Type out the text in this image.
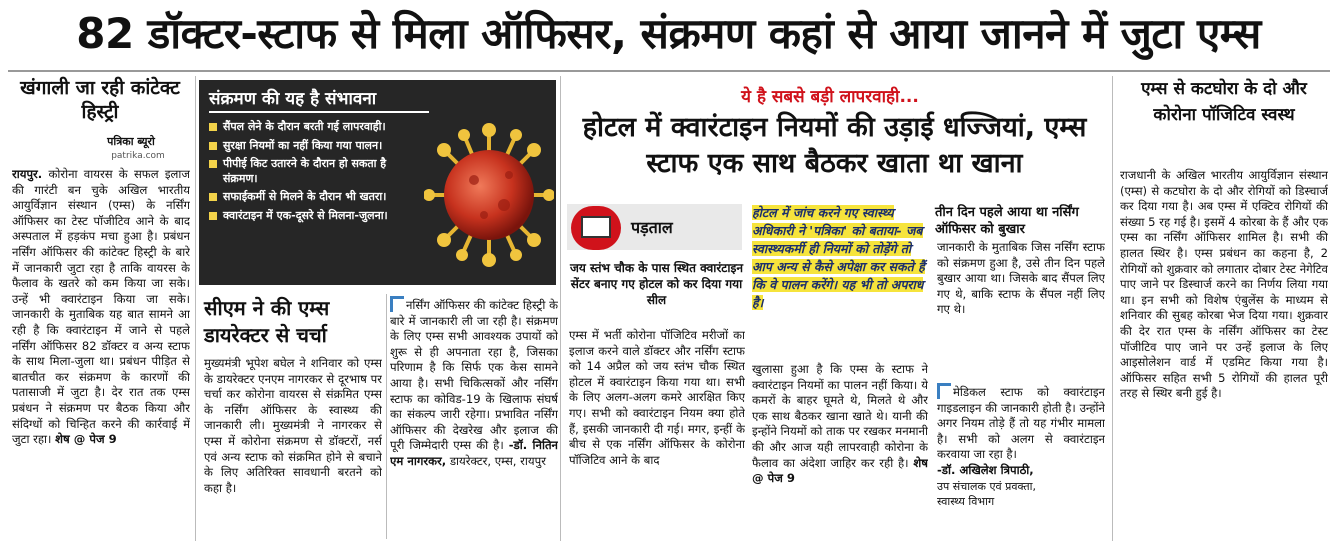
82 डॉक्टर-स्टाफ से मिला ऑफिसर, संक्रमण कहां से आया जानने में जुटा एम्स
खंगाली जा रही कांटेक्ट हिस्ट्री
पत्रिका ब्यूरो
patrika.com
रायपुर. कोरोना वायरस के सफल इलाज की गारंटी बन चुके अखिल भारतीय आयुर्विज्ञान संस्थान (एम्स) के नर्सिंग ऑफिसर का टेस्ट पॉजीटिव आने के बाद अस्पताल में हड़कंप मचा हुआ है। प्रबंधन नर्सिंग ऑफिसर की कांटेक्ट हिस्ट्री के बारे में जानकारी जुटा रहा है ताकि वायरस के फैलाव के खतरे को कम किया जा सके। उन्हें भी क्वारंटाइन किया जा सके। जानकारी के मुताबिक यह बात सामने आ रही है कि क्वारंटाइन में जाने से पहले नर्सिंग ऑफिसर 82 डॉक्टर व अन्य स्टाफ के साथ मिला-जुला था। प्रबंधन पीड़ित से बातचीत कर संक्रमण के कारणों की पतासाजी में जुटा है। देर रात तक एम्स प्रबंधन ने संक्रमण पर बैठक किया और संदिग्धों को चिन्हित करने की कार्रवाई में जुटा रहा। शेष @ पेज 9
संक्रमण की यह है संभावना
सैंपल लेने के दौरान बरती गई लापरवाही।
सुरक्षा नियमों का नहीं किया गया पालन।
पीपीई किट उतारने के दौरान हो सकता है संक्रमण।
सफाईकर्मी से मिलने के दौरान भी खतरा।
क्वारंटाइन में एक-दूसरे से मिलना-जुलना।
सीएम ने की एम्स डायरेक्टर से चर्चा
मुख्यमंत्री भूपेश बघेल ने शनिवार को एम्स के डायरेक्टर एनएम नागरकर से दूरभाष पर चर्चा कर कोरोना वायरस से संक्रमित एम्स के नर्सिंग ऑफिसर के स्वास्थ्य की जानकारी ली। मुख्यमंत्री ने नागरकर से एम्स में कोरोना संक्रमण से डॉक्टरों, नर्स एवं अन्य स्टाफ को संक्रमित होने से बचाने के लिए अतिरिक्त सावधानी बरतने को कहा है।
नर्सिंग ऑफिसर की कांटेक्ट हिस्ट्री के बारे में जानकारी ली जा रही है। संक्रमण के लिए एम्स सभी आवश्यक उपायों को शुरू से ही अपनाता रहा है, जिसका परिणाम है कि सिर्फ एक केस सामने आया है। सभी चिकित्सकों और नर्सिंग स्टाफ का कोविड-19 के खिलाफ संघर्ष का संकल्प जारी रहेगा। प्रभावित नर्सिंग ऑफिसर की देखरेख और इलाज की पूरी जिम्मेदारी एम्स की है। -डॉ. नितिन एम नागरकर, डायरेक्टर, एम्स, रायपुर
ये है सबसे बड़ी लापरवाही...
होटल में क्वारंटाइन नियमों की उड़ाई धज्जियां, एम्स स्टाफ एक साथ बैठकर खाता था खाना
पड़ताल
जय स्तंभ चौक के पास स्थित क्वारंटाइन सेंटर बनाए गए होटल को कर दिया गया सील
एम्स में भर्ती कोरोना पॉजिटिव मरीजों का इलाज करने वाले डॉक्टर और नर्सिंग स्टाफ को 14 अप्रैल को जय स्तंभ चौक स्थित होटल में क्वारंटाइन किया गया था। सभी के लिए अलग-अलग कमरे आरक्षित किए गए। सभी को क्वारंटाइन नियम क्या होते हैं, इसकी जानकारी दी गई। मगर, इन्हीं के बीच से एक नर्सिंग ऑफिसर के कोरोना पॉजिटिव आने के बाद
होटल में जांच करने गए स्वास्थ्य अधिकारी ने 'पत्रिका' को बताया- जब स्वास्थ्यकर्मी ही नियमों को तोड़ेंगे तो आप अन्य से कैसे अपेक्षा कर सकते हैं कि वे पालन करेंगे। यह भी तो अपराध है।
खुलासा हुआ है कि एम्स के स्टाफ ने क्वारंटाइन नियमों का पालन नहीं किया। ये कमरों के बाहर घूमते थे, मिलते थे और एक साथ बैठकर खाना खाते थे। यानी की इन्होंने नियमों को ताक पर रखकर मनमानी की और आज यही लापरवाही कोरोना के फैलाव का अंदेशा जाहिर कर रही है। शेष @ पेज 9
तीन दिन पहले आया था नर्सिंग ऑफिसर को बुखार
जानकारी के मुताबिक जिस नर्सिंग स्टाफ को संक्रमण हुआ है, उसे तीन दिन पहले बुखार आया था। जिसके बाद सैंपल लिए गए थे, बाकि स्टाफ के सैंपल नहीं लिए गए थे।
मेडिकल स्टाफ को क्वारंटाइन गाइडलाइन की जानकारी होती है। उन्होंने अगर नियम तोड़े हैं तो यह गंभीर मामला है। सभी को अलग से क्वारंटाइन करवाया जा रहा है।
-डॉ. अखिलेश त्रिपाठी,
उप संचालक एवं प्रवक्ता,
स्वास्थ्य विभाग
एम्स से कटघोरा के दो और कोरोना पॉजिटिव स्वस्थ
राजधानी के अखिल भारतीय आयुर्विज्ञान संस्थान (एम्स) से कटघोरा के दो और रोगियों को डिस्चार्ज कर दिया गया है। अब एम्स में एक्टिव रोगियों की संख्या 5 रह गई है। इसमें 4 कोरबा के हैं और एक एम्स का नर्सिंग ऑफिसर शामिल है। सभी की हालत स्थिर है। एम्स प्रबंधन का कहना है, 2 रोगियों को शुक्रवार को लगातार दोबार टेस्ट नेगेटिव पाए जाने पर डिस्चार्ज करने का निर्णय लिया गया था। इन सभी को विशेष एंबुलेंस के माध्यम से शनिवार की सुबह कोरबा भेज दिया गया। शुक्रवार की देर रात एम्स के नर्सिंग ऑफिसर का टेस्ट पॉजीटिव पाए जाने पर उन्हें इलाज के लिए आइसोलेशन वार्ड में एडमिट किया गया है। ऑफिसर सहित सभी 5 रोगियों की हालत पूरी तरह से स्थिर बनी हुई है।
